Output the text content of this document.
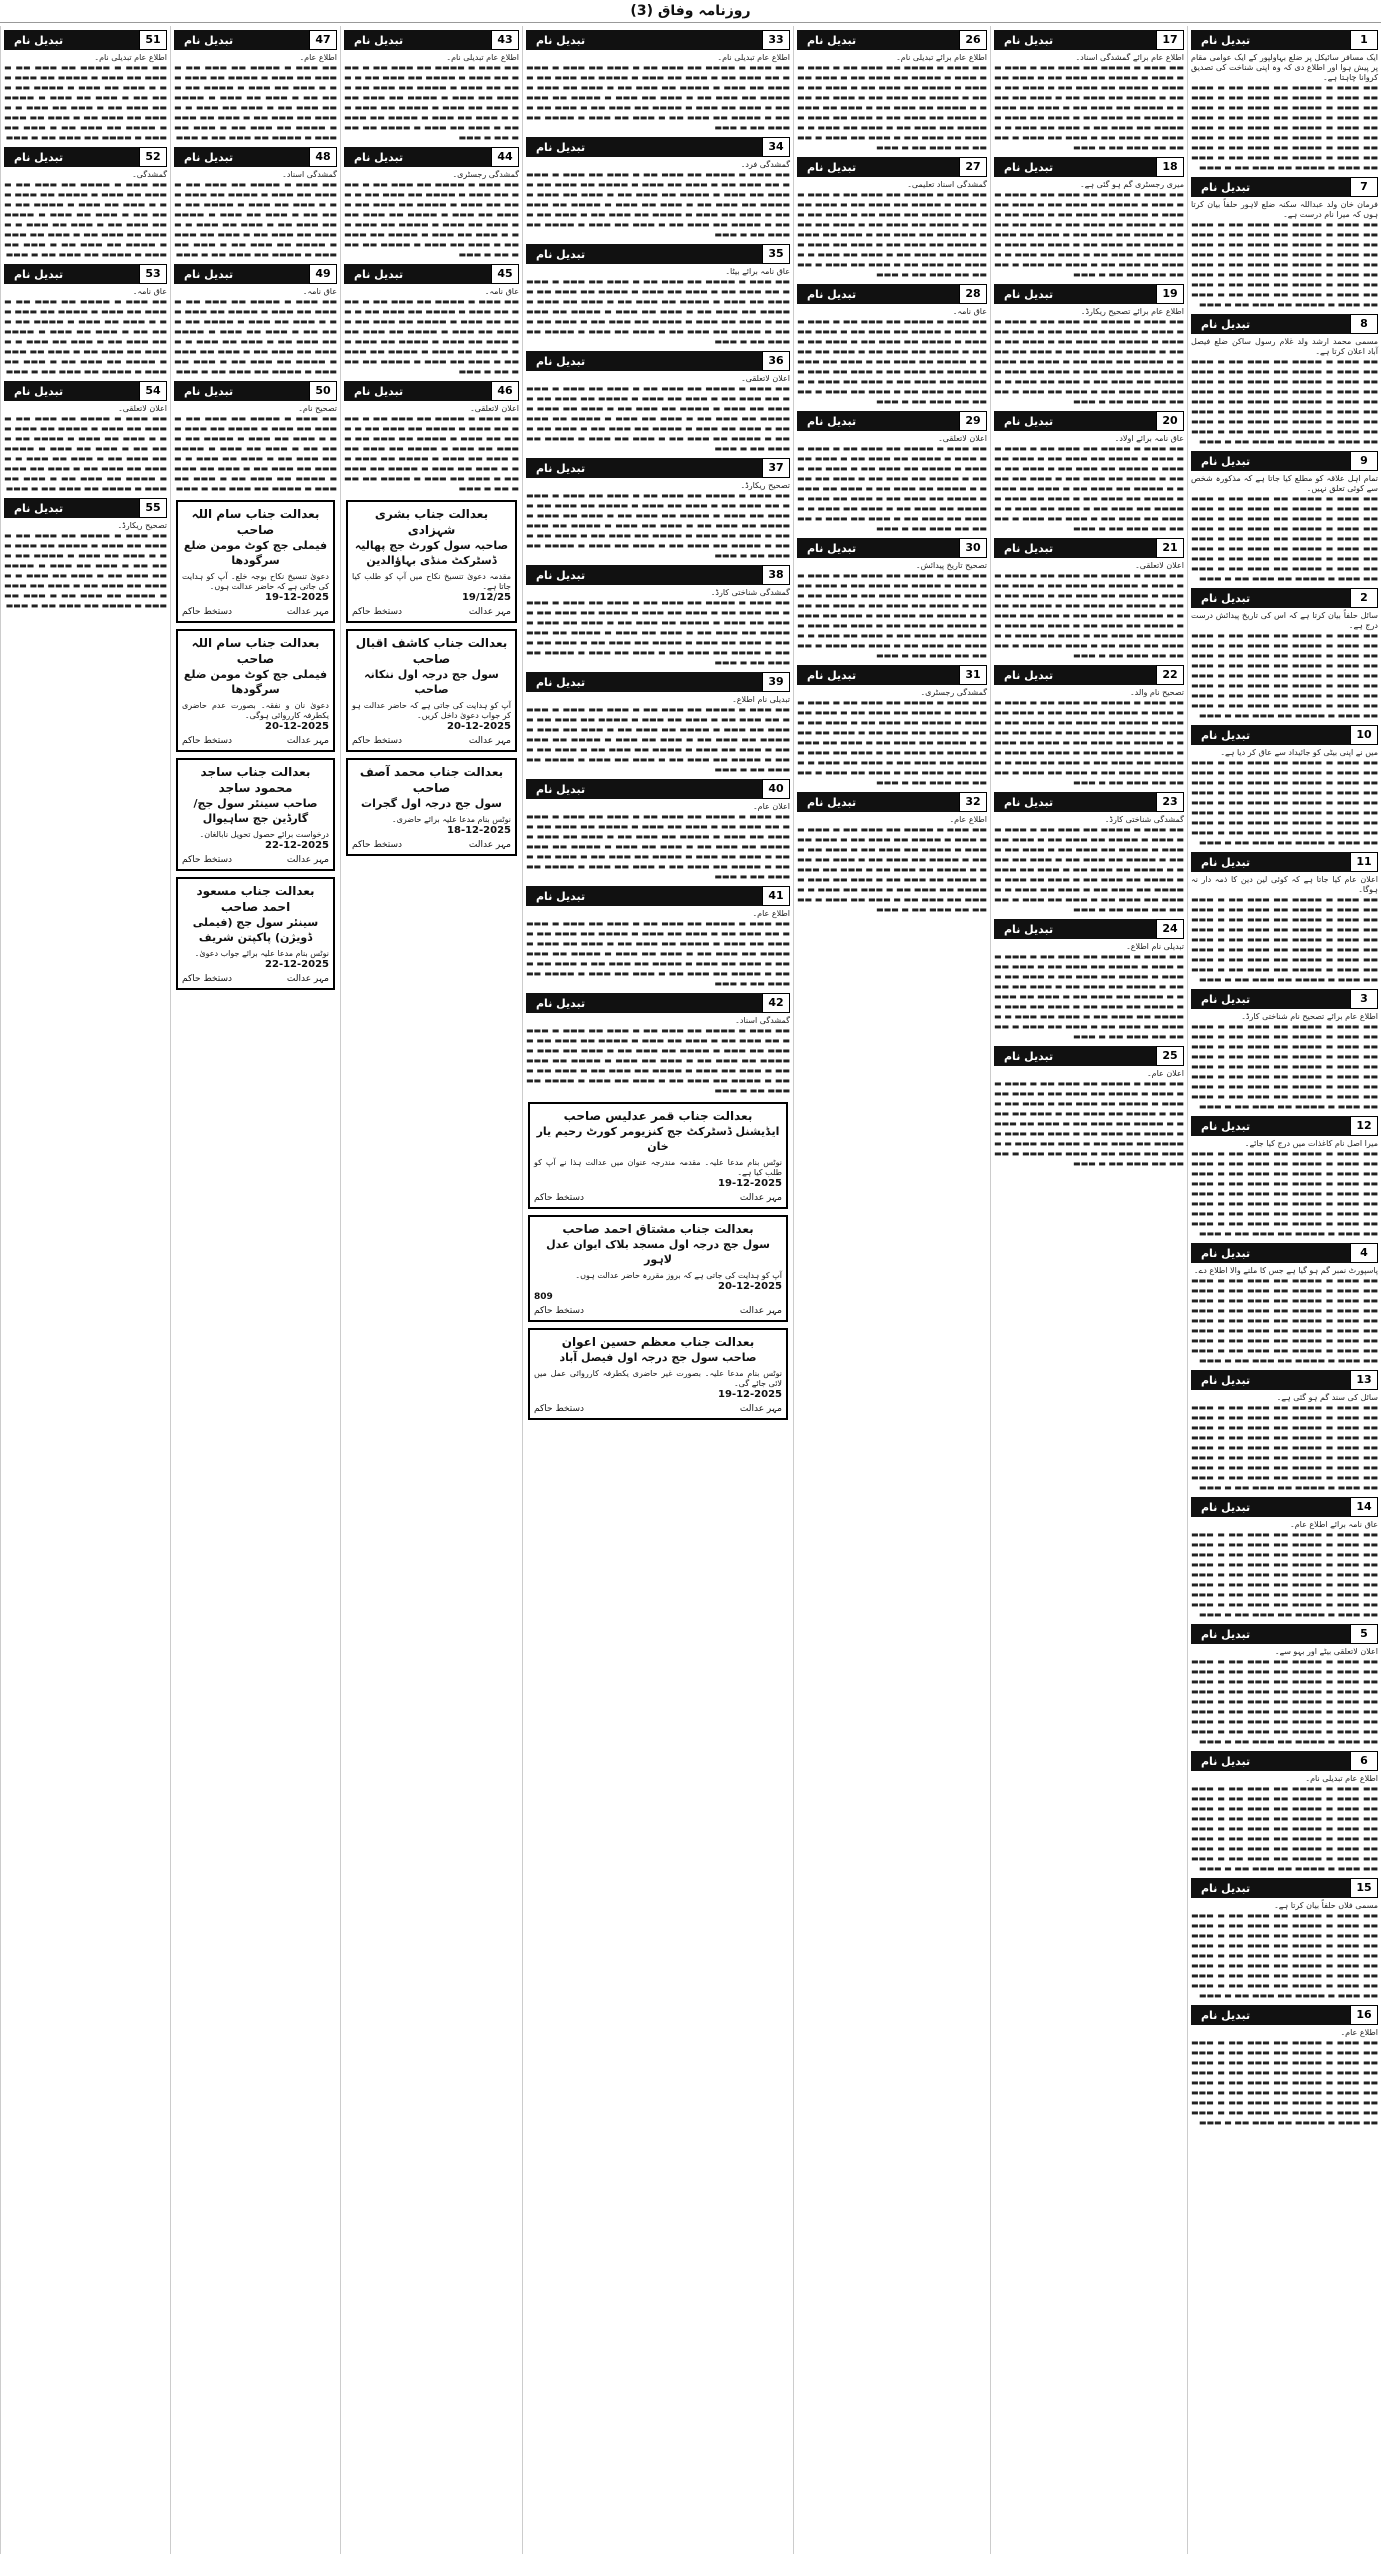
روزنامہ وفاق (3)
1
تبدیل نام
ایک مسافر سائیکل پر ضلع بہاولپور کے ایک عوامی مقام پر پیش ہوا اور اطلاع دی کہ وہ اپنی شناخت کی تصدیق کروانا چاہتا ہے۔
▬▬ ▬▬▬ ▬ ▬▬▬▬ ▬▬ ▬▬▬ ▬▬ ▬ ▬▬▬ ▬▬ ▬▬▬ ▬ ▬▬▬▬ ▬▬ ▬▬▬ ▬▬ ▬ ▬▬▬ ▬▬ ▬▬▬ ▬ ▬▬▬▬ ▬▬ ▬▬▬ ▬▬ ▬ ▬▬▬ ▬▬ ▬▬▬ ▬ ▬▬▬▬ ▬▬ ▬▬▬ ▬▬ ▬ ▬▬▬ ▬▬ ▬▬▬ ▬ ▬▬▬▬ ▬▬ ▬▬▬ ▬▬ ▬ ▬▬▬ ▬▬ ▬▬▬ ▬ ▬▬▬▬ ▬▬ ▬▬▬ ▬▬ ▬ ▬▬▬ ▬▬ ▬▬▬ ▬ ▬▬▬▬ ▬▬ ▬▬▬ ▬▬ ▬ ▬▬▬ ▬▬ ▬▬▬ ▬ ▬▬▬▬ ▬▬ ▬▬▬ ▬▬ ▬ ▬▬▬ ▬▬ ▬▬▬ ▬ ▬▬▬▬ ▬▬ ▬▬▬ ▬▬ ▬ ▬▬▬
7
تبدیل نام
فرمان خان ولد عبداللہ سکنہ ضلع لاہور حلفاً بیان کرتا ہوں کہ میرا نام درست ہے۔
▬▬ ▬▬▬ ▬ ▬▬▬▬ ▬▬ ▬▬▬ ▬▬ ▬ ▬▬▬ ▬▬ ▬▬▬ ▬ ▬▬▬▬ ▬▬ ▬▬▬ ▬▬ ▬ ▬▬▬ ▬▬ ▬▬▬ ▬ ▬▬▬▬ ▬▬ ▬▬▬ ▬▬ ▬ ▬▬▬ ▬▬ ▬▬▬ ▬ ▬▬▬▬ ▬▬ ▬▬▬ ▬▬ ▬ ▬▬▬ ▬▬ ▬▬▬ ▬ ▬▬▬▬ ▬▬ ▬▬▬ ▬▬ ▬ ▬▬▬ ▬▬ ▬▬▬ ▬ ▬▬▬▬ ▬▬ ▬▬▬ ▬▬ ▬ ▬▬▬ ▬▬ ▬▬▬ ▬ ▬▬▬▬ ▬▬ ▬▬▬ ▬▬ ▬ ▬▬▬ ▬▬ ▬▬▬ ▬ ▬▬▬▬ ▬▬ ▬▬▬ ▬▬ ▬ ▬▬▬ ▬▬ ▬▬▬ ▬ ▬▬▬▬ ▬▬ ▬▬▬ ▬▬ ▬ ▬▬▬
8
تبدیل نام
مسمی محمد ارشد ولد غلام رسول ساکن ضلع فیصل آباد اعلان کرتا ہے۔
▬▬ ▬▬▬ ▬ ▬▬▬▬ ▬▬ ▬▬▬ ▬▬ ▬ ▬▬▬ ▬▬ ▬▬▬ ▬ ▬▬▬▬ ▬▬ ▬▬▬ ▬▬ ▬ ▬▬▬ ▬▬ ▬▬▬ ▬ ▬▬▬▬ ▬▬ ▬▬▬ ▬▬ ▬ ▬▬▬ ▬▬ ▬▬▬ ▬ ▬▬▬▬ ▬▬ ▬▬▬ ▬▬ ▬ ▬▬▬ ▬▬ ▬▬▬ ▬ ▬▬▬▬ ▬▬ ▬▬▬ ▬▬ ▬ ▬▬▬ ▬▬ ▬▬▬ ▬ ▬▬▬▬ ▬▬ ▬▬▬ ▬▬ ▬ ▬▬▬ ▬▬ ▬▬▬ ▬ ▬▬▬▬ ▬▬ ▬▬▬ ▬▬ ▬ ▬▬▬ ▬▬ ▬▬▬ ▬ ▬▬▬▬ ▬▬ ▬▬▬ ▬▬ ▬ ▬▬▬ ▬▬ ▬▬▬ ▬ ▬▬▬▬ ▬▬ ▬▬▬ ▬▬ ▬ ▬▬▬
9
تبدیل نام
تمام اہل علاقہ کو مطلع کیا جاتا ہے کہ مذکورہ شخص سے کوئی تعلق نہیں۔
▬▬ ▬▬▬ ▬ ▬▬▬▬ ▬▬ ▬▬▬ ▬▬ ▬ ▬▬▬ ▬▬ ▬▬▬ ▬ ▬▬▬▬ ▬▬ ▬▬▬ ▬▬ ▬ ▬▬▬ ▬▬ ▬▬▬ ▬ ▬▬▬▬ ▬▬ ▬▬▬ ▬▬ ▬ ▬▬▬ ▬▬ ▬▬▬ ▬ ▬▬▬▬ ▬▬ ▬▬▬ ▬▬ ▬ ▬▬▬ ▬▬ ▬▬▬ ▬ ▬▬▬▬ ▬▬ ▬▬▬ ▬▬ ▬ ▬▬▬ ▬▬ ▬▬▬ ▬ ▬▬▬▬ ▬▬ ▬▬▬ ▬▬ ▬ ▬▬▬ ▬▬ ▬▬▬ ▬ ▬▬▬▬ ▬▬ ▬▬▬ ▬▬ ▬ ▬▬▬ ▬▬ ▬▬▬ ▬ ▬▬▬▬ ▬▬ ▬▬▬ ▬▬ ▬ ▬▬▬ ▬▬ ▬▬▬ ▬ ▬▬▬▬ ▬▬ ▬▬▬ ▬▬ ▬ ▬▬▬
2
تبدیل نام
سائل حلفاً بیان کرتا ہے کہ اس کی تاریخ پیدائش درست درج ہے۔
▬▬ ▬▬▬ ▬ ▬▬▬▬ ▬▬ ▬▬▬ ▬▬ ▬ ▬▬▬ ▬▬ ▬▬▬ ▬ ▬▬▬▬ ▬▬ ▬▬▬ ▬▬ ▬ ▬▬▬ ▬▬ ▬▬▬ ▬ ▬▬▬▬ ▬▬ ▬▬▬ ▬▬ ▬ ▬▬▬ ▬▬ ▬▬▬ ▬ ▬▬▬▬ ▬▬ ▬▬▬ ▬▬ ▬ ▬▬▬ ▬▬ ▬▬▬ ▬ ▬▬▬▬ ▬▬ ▬▬▬ ▬▬ ▬ ▬▬▬ ▬▬ ▬▬▬ ▬ ▬▬▬▬ ▬▬ ▬▬▬ ▬▬ ▬ ▬▬▬ ▬▬ ▬▬▬ ▬ ▬▬▬▬ ▬▬ ▬▬▬ ▬▬ ▬ ▬▬▬ ▬▬ ▬▬▬ ▬ ▬▬▬▬ ▬▬ ▬▬▬ ▬▬ ▬ ▬▬▬ ▬▬ ▬▬▬ ▬ ▬▬▬▬ ▬▬ ▬▬▬ ▬▬ ▬ ▬▬▬
10
تبدیل نام
میں نے اپنی بیٹی کو جائیداد سے عاق کر دیا ہے۔
▬▬ ▬▬▬ ▬ ▬▬▬▬ ▬▬ ▬▬▬ ▬▬ ▬ ▬▬▬ ▬▬ ▬▬▬ ▬ ▬▬▬▬ ▬▬ ▬▬▬ ▬▬ ▬ ▬▬▬ ▬▬ ▬▬▬ ▬ ▬▬▬▬ ▬▬ ▬▬▬ ▬▬ ▬ ▬▬▬ ▬▬ ▬▬▬ ▬ ▬▬▬▬ ▬▬ ▬▬▬ ▬▬ ▬ ▬▬▬ ▬▬ ▬▬▬ ▬ ▬▬▬▬ ▬▬ ▬▬▬ ▬▬ ▬ ▬▬▬ ▬▬ ▬▬▬ ▬ ▬▬▬▬ ▬▬ ▬▬▬ ▬▬ ▬ ▬▬▬ ▬▬ ▬▬▬ ▬ ▬▬▬▬ ▬▬ ▬▬▬ ▬▬ ▬ ▬▬▬ ▬▬ ▬▬▬ ▬ ▬▬▬▬ ▬▬ ▬▬▬ ▬▬ ▬ ▬▬▬ ▬▬ ▬▬▬ ▬ ▬▬▬▬ ▬▬ ▬▬▬ ▬▬ ▬ ▬▬▬
11
تبدیل نام
اعلان عام کیا جاتا ہے کہ کوئی لین دین کا ذمہ دار نہ ہوگا۔
▬▬ ▬▬▬ ▬ ▬▬▬▬ ▬▬ ▬▬▬ ▬▬ ▬ ▬▬▬ ▬▬ ▬▬▬ ▬ ▬▬▬▬ ▬▬ ▬▬▬ ▬▬ ▬ ▬▬▬ ▬▬ ▬▬▬ ▬ ▬▬▬▬ ▬▬ ▬▬▬ ▬▬ ▬ ▬▬▬ ▬▬ ▬▬▬ ▬ ▬▬▬▬ ▬▬ ▬▬▬ ▬▬ ▬ ▬▬▬ ▬▬ ▬▬▬ ▬ ▬▬▬▬ ▬▬ ▬▬▬ ▬▬ ▬ ▬▬▬ ▬▬ ▬▬▬ ▬ ▬▬▬▬ ▬▬ ▬▬▬ ▬▬ ▬ ▬▬▬ ▬▬ ▬▬▬ ▬ ▬▬▬▬ ▬▬ ▬▬▬ ▬▬ ▬ ▬▬▬ ▬▬ ▬▬▬ ▬ ▬▬▬▬ ▬▬ ▬▬▬ ▬▬ ▬ ▬▬▬ ▬▬ ▬▬▬ ▬ ▬▬▬▬ ▬▬ ▬▬▬ ▬▬ ▬ ▬▬▬
3
تبدیل نام
اطلاع عام برائے تصحیح نام شناختی کارڈ۔
▬▬ ▬▬▬ ▬ ▬▬▬▬ ▬▬ ▬▬▬ ▬▬ ▬ ▬▬▬ ▬▬ ▬▬▬ ▬ ▬▬▬▬ ▬▬ ▬▬▬ ▬▬ ▬ ▬▬▬ ▬▬ ▬▬▬ ▬ ▬▬▬▬ ▬▬ ▬▬▬ ▬▬ ▬ ▬▬▬ ▬▬ ▬▬▬ ▬ ▬▬▬▬ ▬▬ ▬▬▬ ▬▬ ▬ ▬▬▬ ▬▬ ▬▬▬ ▬ ▬▬▬▬ ▬▬ ▬▬▬ ▬▬ ▬ ▬▬▬ ▬▬ ▬▬▬ ▬ ▬▬▬▬ ▬▬ ▬▬▬ ▬▬ ▬ ▬▬▬ ▬▬ ▬▬▬ ▬ ▬▬▬▬ ▬▬ ▬▬▬ ▬▬ ▬ ▬▬▬ ▬▬ ▬▬▬ ▬ ▬▬▬▬ ▬▬ ▬▬▬ ▬▬ ▬ ▬▬▬ ▬▬ ▬▬▬ ▬ ▬▬▬▬ ▬▬ ▬▬▬ ▬▬ ▬ ▬▬▬
12
تبدیل نام
میرا اصل نام کاغذات میں درج کیا جائے۔
▬▬ ▬▬▬ ▬ ▬▬▬▬ ▬▬ ▬▬▬ ▬▬ ▬ ▬▬▬ ▬▬ ▬▬▬ ▬ ▬▬▬▬ ▬▬ ▬▬▬ ▬▬ ▬ ▬▬▬ ▬▬ ▬▬▬ ▬ ▬▬▬▬ ▬▬ ▬▬▬ ▬▬ ▬ ▬▬▬ ▬▬ ▬▬▬ ▬ ▬▬▬▬ ▬▬ ▬▬▬ ▬▬ ▬ ▬▬▬ ▬▬ ▬▬▬ ▬ ▬▬▬▬ ▬▬ ▬▬▬ ▬▬ ▬ ▬▬▬ ▬▬ ▬▬▬ ▬ ▬▬▬▬ ▬▬ ▬▬▬ ▬▬ ▬ ▬▬▬ ▬▬ ▬▬▬ ▬ ▬▬▬▬ ▬▬ ▬▬▬ ▬▬ ▬ ▬▬▬ ▬▬ ▬▬▬ ▬ ▬▬▬▬ ▬▬ ▬▬▬ ▬▬ ▬ ▬▬▬ ▬▬ ▬▬▬ ▬ ▬▬▬▬ ▬▬ ▬▬▬ ▬▬ ▬ ▬▬▬
4
تبدیل نام
پاسپورٹ نمبر گم ہو گیا ہے جس کا ملنے والا اطلاع دے۔
▬▬ ▬▬▬ ▬ ▬▬▬▬ ▬▬ ▬▬▬ ▬▬ ▬ ▬▬▬ ▬▬ ▬▬▬ ▬ ▬▬▬▬ ▬▬ ▬▬▬ ▬▬ ▬ ▬▬▬ ▬▬ ▬▬▬ ▬ ▬▬▬▬ ▬▬ ▬▬▬ ▬▬ ▬ ▬▬▬ ▬▬ ▬▬▬ ▬ ▬▬▬▬ ▬▬ ▬▬▬ ▬▬ ▬ ▬▬▬ ▬▬ ▬▬▬ ▬ ▬▬▬▬ ▬▬ ▬▬▬ ▬▬ ▬ ▬▬▬ ▬▬ ▬▬▬ ▬ ▬▬▬▬ ▬▬ ▬▬▬ ▬▬ ▬ ▬▬▬ ▬▬ ▬▬▬ ▬ ▬▬▬▬ ▬▬ ▬▬▬ ▬▬ ▬ ▬▬▬ ▬▬ ▬▬▬ ▬ ▬▬▬▬ ▬▬ ▬▬▬ ▬▬ ▬ ▬▬▬ ▬▬ ▬▬▬ ▬ ▬▬▬▬ ▬▬ ▬▬▬ ▬▬ ▬ ▬▬▬
13
تبدیل نام
سائل کی سند گم ہو گئی ہے۔
▬▬ ▬▬▬ ▬ ▬▬▬▬ ▬▬ ▬▬▬ ▬▬ ▬ ▬▬▬ ▬▬ ▬▬▬ ▬ ▬▬▬▬ ▬▬ ▬▬▬ ▬▬ ▬ ▬▬▬ ▬▬ ▬▬▬ ▬ ▬▬▬▬ ▬▬ ▬▬▬ ▬▬ ▬ ▬▬▬ ▬▬ ▬▬▬ ▬ ▬▬▬▬ ▬▬ ▬▬▬ ▬▬ ▬ ▬▬▬ ▬▬ ▬▬▬ ▬ ▬▬▬▬ ▬▬ ▬▬▬ ▬▬ ▬ ▬▬▬ ▬▬ ▬▬▬ ▬ ▬▬▬▬ ▬▬ ▬▬▬ ▬▬ ▬ ▬▬▬ ▬▬ ▬▬▬ ▬ ▬▬▬▬ ▬▬ ▬▬▬ ▬▬ ▬ ▬▬▬ ▬▬ ▬▬▬ ▬ ▬▬▬▬ ▬▬ ▬▬▬ ▬▬ ▬ ▬▬▬ ▬▬ ▬▬▬ ▬ ▬▬▬▬ ▬▬ ▬▬▬ ▬▬ ▬ ▬▬▬
14
تبدیل نام
عاق نامہ برائے اطلاع عام۔
▬▬ ▬▬▬ ▬ ▬▬▬▬ ▬▬ ▬▬▬ ▬▬ ▬ ▬▬▬ ▬▬ ▬▬▬ ▬ ▬▬▬▬ ▬▬ ▬▬▬ ▬▬ ▬ ▬▬▬ ▬▬ ▬▬▬ ▬ ▬▬▬▬ ▬▬ ▬▬▬ ▬▬ ▬ ▬▬▬ ▬▬ ▬▬▬ ▬ ▬▬▬▬ ▬▬ ▬▬▬ ▬▬ ▬ ▬▬▬ ▬▬ ▬▬▬ ▬ ▬▬▬▬ ▬▬ ▬▬▬ ▬▬ ▬ ▬▬▬ ▬▬ ▬▬▬ ▬ ▬▬▬▬ ▬▬ ▬▬▬ ▬▬ ▬ ▬▬▬ ▬▬ ▬▬▬ ▬ ▬▬▬▬ ▬▬ ▬▬▬ ▬▬ ▬ ▬▬▬ ▬▬ ▬▬▬ ▬ ▬▬▬▬ ▬▬ ▬▬▬ ▬▬ ▬ ▬▬▬ ▬▬ ▬▬▬ ▬ ▬▬▬▬ ▬▬ ▬▬▬ ▬▬ ▬ ▬▬▬
5
تبدیل نام
اعلان لاتعلقی بیٹے اور بہو سے۔
▬▬ ▬▬▬ ▬ ▬▬▬▬ ▬▬ ▬▬▬ ▬▬ ▬ ▬▬▬ ▬▬ ▬▬▬ ▬ ▬▬▬▬ ▬▬ ▬▬▬ ▬▬ ▬ ▬▬▬ ▬▬ ▬▬▬ ▬ ▬▬▬▬ ▬▬ ▬▬▬ ▬▬ ▬ ▬▬▬ ▬▬ ▬▬▬ ▬ ▬▬▬▬ ▬▬ ▬▬▬ ▬▬ ▬ ▬▬▬ ▬▬ ▬▬▬ ▬ ▬▬▬▬ ▬▬ ▬▬▬ ▬▬ ▬ ▬▬▬ ▬▬ ▬▬▬ ▬ ▬▬▬▬ ▬▬ ▬▬▬ ▬▬ ▬ ▬▬▬ ▬▬ ▬▬▬ ▬ ▬▬▬▬ ▬▬ ▬▬▬ ▬▬ ▬ ▬▬▬ ▬▬ ▬▬▬ ▬ ▬▬▬▬ ▬▬ ▬▬▬ ▬▬ ▬ ▬▬▬ ▬▬ ▬▬▬ ▬ ▬▬▬▬ ▬▬ ▬▬▬ ▬▬ ▬ ▬▬▬
6
تبدیل نام
اطلاع عام تبدیلی نام۔
▬▬ ▬▬▬ ▬ ▬▬▬▬ ▬▬ ▬▬▬ ▬▬ ▬ ▬▬▬ ▬▬ ▬▬▬ ▬ ▬▬▬▬ ▬▬ ▬▬▬ ▬▬ ▬ ▬▬▬ ▬▬ ▬▬▬ ▬ ▬▬▬▬ ▬▬ ▬▬▬ ▬▬ ▬ ▬▬▬ ▬▬ ▬▬▬ ▬ ▬▬▬▬ ▬▬ ▬▬▬ ▬▬ ▬ ▬▬▬ ▬▬ ▬▬▬ ▬ ▬▬▬▬ ▬▬ ▬▬▬ ▬▬ ▬ ▬▬▬ ▬▬ ▬▬▬ ▬ ▬▬▬▬ ▬▬ ▬▬▬ ▬▬ ▬ ▬▬▬ ▬▬ ▬▬▬ ▬ ▬▬▬▬ ▬▬ ▬▬▬ ▬▬ ▬ ▬▬▬ ▬▬ ▬▬▬ ▬ ▬▬▬▬ ▬▬ ▬▬▬ ▬▬ ▬ ▬▬▬ ▬▬ ▬▬▬ ▬ ▬▬▬▬ ▬▬ ▬▬▬ ▬▬ ▬ ▬▬▬
15
تبدیل نام
مسمی فلاں حلفاً بیان کرتا ہے۔
▬▬ ▬▬▬ ▬ ▬▬▬▬ ▬▬ ▬▬▬ ▬▬ ▬ ▬▬▬ ▬▬ ▬▬▬ ▬ ▬▬▬▬ ▬▬ ▬▬▬ ▬▬ ▬ ▬▬▬ ▬▬ ▬▬▬ ▬ ▬▬▬▬ ▬▬ ▬▬▬ ▬▬ ▬ ▬▬▬ ▬▬ ▬▬▬ ▬ ▬▬▬▬ ▬▬ ▬▬▬ ▬▬ ▬ ▬▬▬ ▬▬ ▬▬▬ ▬ ▬▬▬▬ ▬▬ ▬▬▬ ▬▬ ▬ ▬▬▬ ▬▬ ▬▬▬ ▬ ▬▬▬▬ ▬▬ ▬▬▬ ▬▬ ▬ ▬▬▬ ▬▬ ▬▬▬ ▬ ▬▬▬▬ ▬▬ ▬▬▬ ▬▬ ▬ ▬▬▬ ▬▬ ▬▬▬ ▬ ▬▬▬▬ ▬▬ ▬▬▬ ▬▬ ▬ ▬▬▬ ▬▬ ▬▬▬ ▬ ▬▬▬▬ ▬▬ ▬▬▬ ▬▬ ▬ ▬▬▬
16
تبدیل نام
اطلاع عام۔
▬▬ ▬▬▬ ▬ ▬▬▬▬ ▬▬ ▬▬▬ ▬▬ ▬ ▬▬▬ ▬▬ ▬▬▬ ▬ ▬▬▬▬ ▬▬ ▬▬▬ ▬▬ ▬ ▬▬▬ ▬▬ ▬▬▬ ▬ ▬▬▬▬ ▬▬ ▬▬▬ ▬▬ ▬ ▬▬▬ ▬▬ ▬▬▬ ▬ ▬▬▬▬ ▬▬ ▬▬▬ ▬▬ ▬ ▬▬▬ ▬▬ ▬▬▬ ▬ ▬▬▬▬ ▬▬ ▬▬▬ ▬▬ ▬ ▬▬▬ ▬▬ ▬▬▬ ▬ ▬▬▬▬ ▬▬ ▬▬▬ ▬▬ ▬ ▬▬▬ ▬▬ ▬▬▬ ▬ ▬▬▬▬ ▬▬ ▬▬▬ ▬▬ ▬ ▬▬▬ ▬▬ ▬▬▬ ▬ ▬▬▬▬ ▬▬ ▬▬▬ ▬▬ ▬ ▬▬▬ ▬▬ ▬▬▬ ▬ ▬▬▬▬ ▬▬ ▬▬▬ ▬▬ ▬ ▬▬▬
17
تبدیل نام
اطلاع عام برائے گمشدگی اسناد۔
▬▬ ▬▬▬ ▬ ▬▬▬▬ ▬▬ ▬▬▬ ▬▬ ▬ ▬▬▬ ▬▬ ▬▬▬ ▬ ▬▬▬▬ ▬▬ ▬▬▬ ▬▬ ▬ ▬▬▬ ▬▬ ▬▬▬ ▬ ▬▬▬▬ ▬▬ ▬▬▬ ▬▬ ▬ ▬▬▬ ▬▬ ▬▬▬ ▬ ▬▬▬▬ ▬▬ ▬▬▬ ▬▬ ▬ ▬▬▬ ▬▬ ▬▬▬ ▬ ▬▬▬▬ ▬▬ ▬▬▬ ▬▬ ▬ ▬▬▬ ▬▬ ▬▬▬ ▬ ▬▬▬▬ ▬▬ ▬▬▬ ▬▬ ▬ ▬▬▬ ▬▬ ▬▬▬ ▬ ▬▬▬▬ ▬▬ ▬▬▬ ▬▬ ▬ ▬▬▬ ▬▬ ▬▬▬ ▬ ▬▬▬▬ ▬▬ ▬▬▬ ▬▬ ▬ ▬▬▬ ▬▬ ▬▬▬ ▬ ▬▬▬▬ ▬▬ ▬▬▬ ▬▬ ▬ ▬▬▬
18
تبدیل نام
میری رجسٹری گم ہو گئی ہے۔
▬▬ ▬▬▬ ▬ ▬▬▬▬ ▬▬ ▬▬▬ ▬▬ ▬ ▬▬▬ ▬▬ ▬▬▬ ▬ ▬▬▬▬ ▬▬ ▬▬▬ ▬▬ ▬ ▬▬▬ ▬▬ ▬▬▬ ▬ ▬▬▬▬ ▬▬ ▬▬▬ ▬▬ ▬ ▬▬▬ ▬▬ ▬▬▬ ▬ ▬▬▬▬ ▬▬ ▬▬▬ ▬▬ ▬ ▬▬▬ ▬▬ ▬▬▬ ▬ ▬▬▬▬ ▬▬ ▬▬▬ ▬▬ ▬ ▬▬▬ ▬▬ ▬▬▬ ▬ ▬▬▬▬ ▬▬ ▬▬▬ ▬▬ ▬ ▬▬▬ ▬▬ ▬▬▬ ▬ ▬▬▬▬ ▬▬ ▬▬▬ ▬▬ ▬ ▬▬▬ ▬▬ ▬▬▬ ▬ ▬▬▬▬ ▬▬ ▬▬▬ ▬▬ ▬ ▬▬▬ ▬▬ ▬▬▬ ▬ ▬▬▬▬ ▬▬ ▬▬▬ ▬▬ ▬ ▬▬▬
19
تبدیل نام
اطلاع عام برائے تصحیح ریکارڈ۔
▬▬ ▬▬▬ ▬ ▬▬▬▬ ▬▬ ▬▬▬ ▬▬ ▬ ▬▬▬ ▬▬ ▬▬▬ ▬ ▬▬▬▬ ▬▬ ▬▬▬ ▬▬ ▬ ▬▬▬ ▬▬ ▬▬▬ ▬ ▬▬▬▬ ▬▬ ▬▬▬ ▬▬ ▬ ▬▬▬ ▬▬ ▬▬▬ ▬ ▬▬▬▬ ▬▬ ▬▬▬ ▬▬ ▬ ▬▬▬ ▬▬ ▬▬▬ ▬ ▬▬▬▬ ▬▬ ▬▬▬ ▬▬ ▬ ▬▬▬ ▬▬ ▬▬▬ ▬ ▬▬▬▬ ▬▬ ▬▬▬ ▬▬ ▬ ▬▬▬ ▬▬ ▬▬▬ ▬ ▬▬▬▬ ▬▬ ▬▬▬ ▬▬ ▬ ▬▬▬ ▬▬ ▬▬▬ ▬ ▬▬▬▬ ▬▬ ▬▬▬ ▬▬ ▬ ▬▬▬ ▬▬ ▬▬▬ ▬ ▬▬▬▬ ▬▬ ▬▬▬ ▬▬ ▬ ▬▬▬
20
تبدیل نام
عاق نامہ برائے اولاد۔
▬▬ ▬▬▬ ▬ ▬▬▬▬ ▬▬ ▬▬▬ ▬▬ ▬ ▬▬▬ ▬▬ ▬▬▬ ▬ ▬▬▬▬ ▬▬ ▬▬▬ ▬▬ ▬ ▬▬▬ ▬▬ ▬▬▬ ▬ ▬▬▬▬ ▬▬ ▬▬▬ ▬▬ ▬ ▬▬▬ ▬▬ ▬▬▬ ▬ ▬▬▬▬ ▬▬ ▬▬▬ ▬▬ ▬ ▬▬▬ ▬▬ ▬▬▬ ▬ ▬▬▬▬ ▬▬ ▬▬▬ ▬▬ ▬ ▬▬▬ ▬▬ ▬▬▬ ▬ ▬▬▬▬ ▬▬ ▬▬▬ ▬▬ ▬ ▬▬▬ ▬▬ ▬▬▬ ▬ ▬▬▬▬ ▬▬ ▬▬▬ ▬▬ ▬ ▬▬▬ ▬▬ ▬▬▬ ▬ ▬▬▬▬ ▬▬ ▬▬▬ ▬▬ ▬ ▬▬▬ ▬▬ ▬▬▬ ▬ ▬▬▬▬ ▬▬ ▬▬▬ ▬▬ ▬ ▬▬▬
21
تبدیل نام
اعلان لاتعلقی۔
▬▬ ▬▬▬ ▬ ▬▬▬▬ ▬▬ ▬▬▬ ▬▬ ▬ ▬▬▬ ▬▬ ▬▬▬ ▬ ▬▬▬▬ ▬▬ ▬▬▬ ▬▬ ▬ ▬▬▬ ▬▬ ▬▬▬ ▬ ▬▬▬▬ ▬▬ ▬▬▬ ▬▬ ▬ ▬▬▬ ▬▬ ▬▬▬ ▬ ▬▬▬▬ ▬▬ ▬▬▬ ▬▬ ▬ ▬▬▬ ▬▬ ▬▬▬ ▬ ▬▬▬▬ ▬▬ ▬▬▬ ▬▬ ▬ ▬▬▬ ▬▬ ▬▬▬ ▬ ▬▬▬▬ ▬▬ ▬▬▬ ▬▬ ▬ ▬▬▬ ▬▬ ▬▬▬ ▬ ▬▬▬▬ ▬▬ ▬▬▬ ▬▬ ▬ ▬▬▬ ▬▬ ▬▬▬ ▬ ▬▬▬▬ ▬▬ ▬▬▬ ▬▬ ▬ ▬▬▬ ▬▬ ▬▬▬ ▬ ▬▬▬▬ ▬▬ ▬▬▬ ▬▬ ▬ ▬▬▬
22
تبدیل نام
تصحیح نام والد۔
▬▬ ▬▬▬ ▬ ▬▬▬▬ ▬▬ ▬▬▬ ▬▬ ▬ ▬▬▬ ▬▬ ▬▬▬ ▬ ▬▬▬▬ ▬▬ ▬▬▬ ▬▬ ▬ ▬▬▬ ▬▬ ▬▬▬ ▬ ▬▬▬▬ ▬▬ ▬▬▬ ▬▬ ▬ ▬▬▬ ▬▬ ▬▬▬ ▬ ▬▬▬▬ ▬▬ ▬▬▬ ▬▬ ▬ ▬▬▬ ▬▬ ▬▬▬ ▬ ▬▬▬▬ ▬▬ ▬▬▬ ▬▬ ▬ ▬▬▬ ▬▬ ▬▬▬ ▬ ▬▬▬▬ ▬▬ ▬▬▬ ▬▬ ▬ ▬▬▬ ▬▬ ▬▬▬ ▬ ▬▬▬▬ ▬▬ ▬▬▬ ▬▬ ▬ ▬▬▬ ▬▬ ▬▬▬ ▬ ▬▬▬▬ ▬▬ ▬▬▬ ▬▬ ▬ ▬▬▬ ▬▬ ▬▬▬ ▬ ▬▬▬▬ ▬▬ ▬▬▬ ▬▬ ▬ ▬▬▬
23
تبدیل نام
گمشدگی شناختی کارڈ۔
▬▬ ▬▬▬ ▬ ▬▬▬▬ ▬▬ ▬▬▬ ▬▬ ▬ ▬▬▬ ▬▬ ▬▬▬ ▬ ▬▬▬▬ ▬▬ ▬▬▬ ▬▬ ▬ ▬▬▬ ▬▬ ▬▬▬ ▬ ▬▬▬▬ ▬▬ ▬▬▬ ▬▬ ▬ ▬▬▬ ▬▬ ▬▬▬ ▬ ▬▬▬▬ ▬▬ ▬▬▬ ▬▬ ▬ ▬▬▬ ▬▬ ▬▬▬ ▬ ▬▬▬▬ ▬▬ ▬▬▬ ▬▬ ▬ ▬▬▬ ▬▬ ▬▬▬ ▬ ▬▬▬▬ ▬▬ ▬▬▬ ▬▬ ▬ ▬▬▬ ▬▬ ▬▬▬ ▬ ▬▬▬▬ ▬▬ ▬▬▬ ▬▬ ▬ ▬▬▬ ▬▬ ▬▬▬ ▬ ▬▬▬▬ ▬▬ ▬▬▬ ▬▬ ▬ ▬▬▬ ▬▬ ▬▬▬ ▬ ▬▬▬▬ ▬▬ ▬▬▬ ▬▬ ▬ ▬▬▬
24
تبدیل نام
تبدیلی نام اطلاع۔
▬▬ ▬▬▬ ▬ ▬▬▬▬ ▬▬ ▬▬▬ ▬▬ ▬ ▬▬▬ ▬▬ ▬▬▬ ▬ ▬▬▬▬ ▬▬ ▬▬▬ ▬▬ ▬ ▬▬▬ ▬▬ ▬▬▬ ▬ ▬▬▬▬ ▬▬ ▬▬▬ ▬▬ ▬ ▬▬▬ ▬▬ ▬▬▬ ▬ ▬▬▬▬ ▬▬ ▬▬▬ ▬▬ ▬ ▬▬▬ ▬▬ ▬▬▬ ▬ ▬▬▬▬ ▬▬ ▬▬▬ ▬▬ ▬ ▬▬▬ ▬▬ ▬▬▬ ▬ ▬▬▬▬ ▬▬ ▬▬▬ ▬▬ ▬ ▬▬▬ ▬▬ ▬▬▬ ▬ ▬▬▬▬ ▬▬ ▬▬▬ ▬▬ ▬ ▬▬▬ ▬▬ ▬▬▬ ▬ ▬▬▬▬ ▬▬ ▬▬▬ ▬▬ ▬ ▬▬▬ ▬▬ ▬▬▬ ▬ ▬▬▬▬ ▬▬ ▬▬▬ ▬▬ ▬ ▬▬▬
25
تبدیل نام
اعلان عام۔
▬▬ ▬▬▬ ▬ ▬▬▬▬ ▬▬ ▬▬▬ ▬▬ ▬ ▬▬▬ ▬▬ ▬▬▬ ▬ ▬▬▬▬ ▬▬ ▬▬▬ ▬▬ ▬ ▬▬▬ ▬▬ ▬▬▬ ▬ ▬▬▬▬ ▬▬ ▬▬▬ ▬▬ ▬ ▬▬▬ ▬▬ ▬▬▬ ▬ ▬▬▬▬ ▬▬ ▬▬▬ ▬▬ ▬ ▬▬▬ ▬▬ ▬▬▬ ▬ ▬▬▬▬ ▬▬ ▬▬▬ ▬▬ ▬ ▬▬▬ ▬▬ ▬▬▬ ▬ ▬▬▬▬ ▬▬ ▬▬▬ ▬▬ ▬ ▬▬▬ ▬▬ ▬▬▬ ▬ ▬▬▬▬ ▬▬ ▬▬▬ ▬▬ ▬ ▬▬▬ ▬▬ ▬▬▬ ▬ ▬▬▬▬ ▬▬ ▬▬▬ ▬▬ ▬ ▬▬▬ ▬▬ ▬▬▬ ▬ ▬▬▬▬ ▬▬ ▬▬▬ ▬▬ ▬ ▬▬▬
26
تبدیل نام
اطلاع عام برائے تبدیلی نام۔
▬▬ ▬▬▬ ▬ ▬▬▬▬ ▬▬ ▬▬▬ ▬▬ ▬ ▬▬▬ ▬▬ ▬▬▬ ▬ ▬▬▬▬ ▬▬ ▬▬▬ ▬▬ ▬ ▬▬▬ ▬▬ ▬▬▬ ▬ ▬▬▬▬ ▬▬ ▬▬▬ ▬▬ ▬ ▬▬▬ ▬▬ ▬▬▬ ▬ ▬▬▬▬ ▬▬ ▬▬▬ ▬▬ ▬ ▬▬▬ ▬▬ ▬▬▬ ▬ ▬▬▬▬ ▬▬ ▬▬▬ ▬▬ ▬ ▬▬▬ ▬▬ ▬▬▬ ▬ ▬▬▬▬ ▬▬ ▬▬▬ ▬▬ ▬ ▬▬▬ ▬▬ ▬▬▬ ▬ ▬▬▬▬ ▬▬ ▬▬▬ ▬▬ ▬ ▬▬▬ ▬▬ ▬▬▬ ▬ ▬▬▬▬ ▬▬ ▬▬▬ ▬▬ ▬ ▬▬▬ ▬▬ ▬▬▬ ▬ ▬▬▬▬ ▬▬ ▬▬▬ ▬▬ ▬ ▬▬▬
27
تبدیل نام
گمشدگی اسناد تعلیمی۔
▬▬ ▬▬▬ ▬ ▬▬▬▬ ▬▬ ▬▬▬ ▬▬ ▬ ▬▬▬ ▬▬ ▬▬▬ ▬ ▬▬▬▬ ▬▬ ▬▬▬ ▬▬ ▬ ▬▬▬ ▬▬ ▬▬▬ ▬ ▬▬▬▬ ▬▬ ▬▬▬ ▬▬ ▬ ▬▬▬ ▬▬ ▬▬▬ ▬ ▬▬▬▬ ▬▬ ▬▬▬ ▬▬ ▬ ▬▬▬ ▬▬ ▬▬▬ ▬ ▬▬▬▬ ▬▬ ▬▬▬ ▬▬ ▬ ▬▬▬ ▬▬ ▬▬▬ ▬ ▬▬▬▬ ▬▬ ▬▬▬ ▬▬ ▬ ▬▬▬ ▬▬ ▬▬▬ ▬ ▬▬▬▬ ▬▬ ▬▬▬ ▬▬ ▬ ▬▬▬ ▬▬ ▬▬▬ ▬ ▬▬▬▬ ▬▬ ▬▬▬ ▬▬ ▬ ▬▬▬ ▬▬ ▬▬▬ ▬ ▬▬▬▬ ▬▬ ▬▬▬ ▬▬ ▬ ▬▬▬
28
تبدیل نام
عاق نامہ۔
▬▬ ▬▬▬ ▬ ▬▬▬▬ ▬▬ ▬▬▬ ▬▬ ▬ ▬▬▬ ▬▬ ▬▬▬ ▬ ▬▬▬▬ ▬▬ ▬▬▬ ▬▬ ▬ ▬▬▬ ▬▬ ▬▬▬ ▬ ▬▬▬▬ ▬▬ ▬▬▬ ▬▬ ▬ ▬▬▬ ▬▬ ▬▬▬ ▬ ▬▬▬▬ ▬▬ ▬▬▬ ▬▬ ▬ ▬▬▬ ▬▬ ▬▬▬ ▬ ▬▬▬▬ ▬▬ ▬▬▬ ▬▬ ▬ ▬▬▬ ▬▬ ▬▬▬ ▬ ▬▬▬▬ ▬▬ ▬▬▬ ▬▬ ▬ ▬▬▬ ▬▬ ▬▬▬ ▬ ▬▬▬▬ ▬▬ ▬▬▬ ▬▬ ▬ ▬▬▬ ▬▬ ▬▬▬ ▬ ▬▬▬▬ ▬▬ ▬▬▬ ▬▬ ▬ ▬▬▬ ▬▬ ▬▬▬ ▬ ▬▬▬▬ ▬▬ ▬▬▬ ▬▬ ▬ ▬▬▬
29
تبدیل نام
اعلان لاتعلقی۔
▬▬ ▬▬▬ ▬ ▬▬▬▬ ▬▬ ▬▬▬ ▬▬ ▬ ▬▬▬ ▬▬ ▬▬▬ ▬ ▬▬▬▬ ▬▬ ▬▬▬ ▬▬ ▬ ▬▬▬ ▬▬ ▬▬▬ ▬ ▬▬▬▬ ▬▬ ▬▬▬ ▬▬ ▬ ▬▬▬ ▬▬ ▬▬▬ ▬ ▬▬▬▬ ▬▬ ▬▬▬ ▬▬ ▬ ▬▬▬ ▬▬ ▬▬▬ ▬ ▬▬▬▬ ▬▬ ▬▬▬ ▬▬ ▬ ▬▬▬ ▬▬ ▬▬▬ ▬ ▬▬▬▬ ▬▬ ▬▬▬ ▬▬ ▬ ▬▬▬ ▬▬ ▬▬▬ ▬ ▬▬▬▬ ▬▬ ▬▬▬ ▬▬ ▬ ▬▬▬ ▬▬ ▬▬▬ ▬ ▬▬▬▬ ▬▬ ▬▬▬ ▬▬ ▬ ▬▬▬ ▬▬ ▬▬▬ ▬ ▬▬▬▬ ▬▬ ▬▬▬ ▬▬ ▬ ▬▬▬
30
تبدیل نام
تصحیح تاریخ پیدائش۔
▬▬ ▬▬▬ ▬ ▬▬▬▬ ▬▬ ▬▬▬ ▬▬ ▬ ▬▬▬ ▬▬ ▬▬▬ ▬ ▬▬▬▬ ▬▬ ▬▬▬ ▬▬ ▬ ▬▬▬ ▬▬ ▬▬▬ ▬ ▬▬▬▬ ▬▬ ▬▬▬ ▬▬ ▬ ▬▬▬ ▬▬ ▬▬▬ ▬ ▬▬▬▬ ▬▬ ▬▬▬ ▬▬ ▬ ▬▬▬ ▬▬ ▬▬▬ ▬ ▬▬▬▬ ▬▬ ▬▬▬ ▬▬ ▬ ▬▬▬ ▬▬ ▬▬▬ ▬ ▬▬▬▬ ▬▬ ▬▬▬ ▬▬ ▬ ▬▬▬ ▬▬ ▬▬▬ ▬ ▬▬▬▬ ▬▬ ▬▬▬ ▬▬ ▬ ▬▬▬ ▬▬ ▬▬▬ ▬ ▬▬▬▬ ▬▬ ▬▬▬ ▬▬ ▬ ▬▬▬ ▬▬ ▬▬▬ ▬ ▬▬▬▬ ▬▬ ▬▬▬ ▬▬ ▬ ▬▬▬
31
تبدیل نام
گمشدگی رجسٹری۔
▬▬ ▬▬▬ ▬ ▬▬▬▬ ▬▬ ▬▬▬ ▬▬ ▬ ▬▬▬ ▬▬ ▬▬▬ ▬ ▬▬▬▬ ▬▬ ▬▬▬ ▬▬ ▬ ▬▬▬ ▬▬ ▬▬▬ ▬ ▬▬▬▬ ▬▬ ▬▬▬ ▬▬ ▬ ▬▬▬ ▬▬ ▬▬▬ ▬ ▬▬▬▬ ▬▬ ▬▬▬ ▬▬ ▬ ▬▬▬ ▬▬ ▬▬▬ ▬ ▬▬▬▬ ▬▬ ▬▬▬ ▬▬ ▬ ▬▬▬ ▬▬ ▬▬▬ ▬ ▬▬▬▬ ▬▬ ▬▬▬ ▬▬ ▬ ▬▬▬ ▬▬ ▬▬▬ ▬ ▬▬▬▬ ▬▬ ▬▬▬ ▬▬ ▬ ▬▬▬ ▬▬ ▬▬▬ ▬ ▬▬▬▬ ▬▬ ▬▬▬ ▬▬ ▬ ▬▬▬ ▬▬ ▬▬▬ ▬ ▬▬▬▬ ▬▬ ▬▬▬ ▬▬ ▬ ▬▬▬
32
تبدیل نام
اطلاع عام۔
▬▬ ▬▬▬ ▬ ▬▬▬▬ ▬▬ ▬▬▬ ▬▬ ▬ ▬▬▬ ▬▬ ▬▬▬ ▬ ▬▬▬▬ ▬▬ ▬▬▬ ▬▬ ▬ ▬▬▬ ▬▬ ▬▬▬ ▬ ▬▬▬▬ ▬▬ ▬▬▬ ▬▬ ▬ ▬▬▬ ▬▬ ▬▬▬ ▬ ▬▬▬▬ ▬▬ ▬▬▬ ▬▬ ▬ ▬▬▬ ▬▬ ▬▬▬ ▬ ▬▬▬▬ ▬▬ ▬▬▬ ▬▬ ▬ ▬▬▬ ▬▬ ▬▬▬ ▬ ▬▬▬▬ ▬▬ ▬▬▬ ▬▬ ▬ ▬▬▬ ▬▬ ▬▬▬ ▬ ▬▬▬▬ ▬▬ ▬▬▬ ▬▬ ▬ ▬▬▬ ▬▬ ▬▬▬ ▬ ▬▬▬▬ ▬▬ ▬▬▬ ▬▬ ▬ ▬▬▬ ▬▬ ▬▬▬ ▬ ▬▬▬▬ ▬▬ ▬▬▬ ▬▬ ▬ ▬▬▬
33
تبدیل نام
اطلاع عام تبدیلی نام۔
▬▬ ▬▬▬ ▬ ▬▬▬▬ ▬▬ ▬▬▬ ▬▬ ▬ ▬▬▬ ▬▬ ▬▬▬ ▬ ▬▬▬▬ ▬▬ ▬▬▬ ▬▬ ▬ ▬▬▬ ▬▬ ▬▬▬ ▬ ▬▬▬▬ ▬▬ ▬▬▬ ▬▬ ▬ ▬▬▬ ▬▬ ▬▬▬ ▬ ▬▬▬▬ ▬▬ ▬▬▬ ▬▬ ▬ ▬▬▬ ▬▬ ▬▬▬ ▬ ▬▬▬▬ ▬▬ ▬▬▬ ▬▬ ▬ ▬▬▬ ▬▬ ▬▬▬ ▬ ▬▬▬▬ ▬▬ ▬▬▬ ▬▬ ▬ ▬▬▬ ▬▬ ▬▬▬ ▬ ▬▬▬▬ ▬▬ ▬▬▬ ▬▬ ▬ ▬▬▬ ▬▬ ▬▬▬ ▬ ▬▬▬▬ ▬▬ ▬▬▬ ▬▬ ▬ ▬▬▬ ▬▬ ▬▬▬ ▬ ▬▬▬▬ ▬▬ ▬▬▬ ▬▬ ▬ ▬▬▬
34
تبدیل نام
گمشدگی فرد۔
▬▬ ▬▬▬ ▬ ▬▬▬▬ ▬▬ ▬▬▬ ▬▬ ▬ ▬▬▬ ▬▬ ▬▬▬ ▬ ▬▬▬▬ ▬▬ ▬▬▬ ▬▬ ▬ ▬▬▬ ▬▬ ▬▬▬ ▬ ▬▬▬▬ ▬▬ ▬▬▬ ▬▬ ▬ ▬▬▬ ▬▬ ▬▬▬ ▬ ▬▬▬▬ ▬▬ ▬▬▬ ▬▬ ▬ ▬▬▬ ▬▬ ▬▬▬ ▬ ▬▬▬▬ ▬▬ ▬▬▬ ▬▬ ▬ ▬▬▬ ▬▬ ▬▬▬ ▬ ▬▬▬▬ ▬▬ ▬▬▬ ▬▬ ▬ ▬▬▬ ▬▬ ▬▬▬ ▬ ▬▬▬▬ ▬▬ ▬▬▬ ▬▬ ▬ ▬▬▬ ▬▬ ▬▬▬ ▬ ▬▬▬▬ ▬▬ ▬▬▬ ▬▬ ▬ ▬▬▬ ▬▬ ▬▬▬ ▬ ▬▬▬▬ ▬▬ ▬▬▬ ▬▬ ▬ ▬▬▬
35
تبدیل نام
عاق نامہ برائے بیٹا۔
▬▬ ▬▬▬ ▬ ▬▬▬▬ ▬▬ ▬▬▬ ▬▬ ▬ ▬▬▬ ▬▬ ▬▬▬ ▬ ▬▬▬▬ ▬▬ ▬▬▬ ▬▬ ▬ ▬▬▬ ▬▬ ▬▬▬ ▬ ▬▬▬▬ ▬▬ ▬▬▬ ▬▬ ▬ ▬▬▬ ▬▬ ▬▬▬ ▬ ▬▬▬▬ ▬▬ ▬▬▬ ▬▬ ▬ ▬▬▬ ▬▬ ▬▬▬ ▬ ▬▬▬▬ ▬▬ ▬▬▬ ▬▬ ▬ ▬▬▬ ▬▬ ▬▬▬ ▬ ▬▬▬▬ ▬▬ ▬▬▬ ▬▬ ▬ ▬▬▬ ▬▬ ▬▬▬ ▬ ▬▬▬▬ ▬▬ ▬▬▬ ▬▬ ▬ ▬▬▬ ▬▬ ▬▬▬ ▬ ▬▬▬▬ ▬▬ ▬▬▬ ▬▬ ▬ ▬▬▬ ▬▬ ▬▬▬ ▬ ▬▬▬▬ ▬▬ ▬▬▬ ▬▬ ▬ ▬▬▬
36
تبدیل نام
اعلان لاتعلقی۔
▬▬ ▬▬▬ ▬ ▬▬▬▬ ▬▬ ▬▬▬ ▬▬ ▬ ▬▬▬ ▬▬ ▬▬▬ ▬ ▬▬▬▬ ▬▬ ▬▬▬ ▬▬ ▬ ▬▬▬ ▬▬ ▬▬▬ ▬ ▬▬▬▬ ▬▬ ▬▬▬ ▬▬ ▬ ▬▬▬ ▬▬ ▬▬▬ ▬ ▬▬▬▬ ▬▬ ▬▬▬ ▬▬ ▬ ▬▬▬ ▬▬ ▬▬▬ ▬ ▬▬▬▬ ▬▬ ▬▬▬ ▬▬ ▬ ▬▬▬ ▬▬ ▬▬▬ ▬ ▬▬▬▬ ▬▬ ▬▬▬ ▬▬ ▬ ▬▬▬ ▬▬ ▬▬▬ ▬ ▬▬▬▬ ▬▬ ▬▬▬ ▬▬ ▬ ▬▬▬ ▬▬ ▬▬▬ ▬ ▬▬▬▬ ▬▬ ▬▬▬ ▬▬ ▬ ▬▬▬ ▬▬ ▬▬▬ ▬ ▬▬▬▬ ▬▬ ▬▬▬ ▬▬ ▬ ▬▬▬
37
تبدیل نام
تصحیح ریکارڈ۔
▬▬ ▬▬▬ ▬ ▬▬▬▬ ▬▬ ▬▬▬ ▬▬ ▬ ▬▬▬ ▬▬ ▬▬▬ ▬ ▬▬▬▬ ▬▬ ▬▬▬ ▬▬ ▬ ▬▬▬ ▬▬ ▬▬▬ ▬ ▬▬▬▬ ▬▬ ▬▬▬ ▬▬ ▬ ▬▬▬ ▬▬ ▬▬▬ ▬ ▬▬▬▬ ▬▬ ▬▬▬ ▬▬ ▬ ▬▬▬ ▬▬ ▬▬▬ ▬ ▬▬▬▬ ▬▬ ▬▬▬ ▬▬ ▬ ▬▬▬ ▬▬ ▬▬▬ ▬ ▬▬▬▬ ▬▬ ▬▬▬ ▬▬ ▬ ▬▬▬ ▬▬ ▬▬▬ ▬ ▬▬▬▬ ▬▬ ▬▬▬ ▬▬ ▬ ▬▬▬ ▬▬ ▬▬▬ ▬ ▬▬▬▬ ▬▬ ▬▬▬ ▬▬ ▬ ▬▬▬ ▬▬ ▬▬▬ ▬ ▬▬▬▬ ▬▬ ▬▬▬ ▬▬ ▬ ▬▬▬
38
تبدیل نام
گمشدگی شناختی کارڈ۔
▬▬ ▬▬▬ ▬ ▬▬▬▬ ▬▬ ▬▬▬ ▬▬ ▬ ▬▬▬ ▬▬ ▬▬▬ ▬ ▬▬▬▬ ▬▬ ▬▬▬ ▬▬ ▬ ▬▬▬ ▬▬ ▬▬▬ ▬ ▬▬▬▬ ▬▬ ▬▬▬ ▬▬ ▬ ▬▬▬ ▬▬ ▬▬▬ ▬ ▬▬▬▬ ▬▬ ▬▬▬ ▬▬ ▬ ▬▬▬ ▬▬ ▬▬▬ ▬ ▬▬▬▬ ▬▬ ▬▬▬ ▬▬ ▬ ▬▬▬ ▬▬ ▬▬▬ ▬ ▬▬▬▬ ▬▬ ▬▬▬ ▬▬ ▬ ▬▬▬ ▬▬ ▬▬▬ ▬ ▬▬▬▬ ▬▬ ▬▬▬ ▬▬ ▬ ▬▬▬ ▬▬ ▬▬▬ ▬ ▬▬▬▬ ▬▬ ▬▬▬ ▬▬ ▬ ▬▬▬ ▬▬ ▬▬▬ ▬ ▬▬▬▬ ▬▬ ▬▬▬ ▬▬ ▬ ▬▬▬
39
تبدیل نام
تبدیلی نام اطلاع۔
▬▬ ▬▬▬ ▬ ▬▬▬▬ ▬▬ ▬▬▬ ▬▬ ▬ ▬▬▬ ▬▬ ▬▬▬ ▬ ▬▬▬▬ ▬▬ ▬▬▬ ▬▬ ▬ ▬▬▬ ▬▬ ▬▬▬ ▬ ▬▬▬▬ ▬▬ ▬▬▬ ▬▬ ▬ ▬▬▬ ▬▬ ▬▬▬ ▬ ▬▬▬▬ ▬▬ ▬▬▬ ▬▬ ▬ ▬▬▬ ▬▬ ▬▬▬ ▬ ▬▬▬▬ ▬▬ ▬▬▬ ▬▬ ▬ ▬▬▬ ▬▬ ▬▬▬ ▬ ▬▬▬▬ ▬▬ ▬▬▬ ▬▬ ▬ ▬▬▬ ▬▬ ▬▬▬ ▬ ▬▬▬▬ ▬▬ ▬▬▬ ▬▬ ▬ ▬▬▬ ▬▬ ▬▬▬ ▬ ▬▬▬▬ ▬▬ ▬▬▬ ▬▬ ▬ ▬▬▬ ▬▬ ▬▬▬ ▬ ▬▬▬▬ ▬▬ ▬▬▬ ▬▬ ▬ ▬▬▬
40
تبدیل نام
اعلان عام۔
▬▬ ▬▬▬ ▬ ▬▬▬▬ ▬▬ ▬▬▬ ▬▬ ▬ ▬▬▬ ▬▬ ▬▬▬ ▬ ▬▬▬▬ ▬▬ ▬▬▬ ▬▬ ▬ ▬▬▬ ▬▬ ▬▬▬ ▬ ▬▬▬▬ ▬▬ ▬▬▬ ▬▬ ▬ ▬▬▬ ▬▬ ▬▬▬ ▬ ▬▬▬▬ ▬▬ ▬▬▬ ▬▬ ▬ ▬▬▬ ▬▬ ▬▬▬ ▬ ▬▬▬▬ ▬▬ ▬▬▬ ▬▬ ▬ ▬▬▬ ▬▬ ▬▬▬ ▬ ▬▬▬▬ ▬▬ ▬▬▬ ▬▬ ▬ ▬▬▬ ▬▬ ▬▬▬ ▬ ▬▬▬▬ ▬▬ ▬▬▬ ▬▬ ▬ ▬▬▬ ▬▬ ▬▬▬ ▬ ▬▬▬▬ ▬▬ ▬▬▬ ▬▬ ▬ ▬▬▬ ▬▬ ▬▬▬ ▬ ▬▬▬▬ ▬▬ ▬▬▬ ▬▬ ▬ ▬▬▬
41
تبدیل نام
اطلاع عام۔
▬▬ ▬▬▬ ▬ ▬▬▬▬ ▬▬ ▬▬▬ ▬▬ ▬ ▬▬▬ ▬▬ ▬▬▬ ▬ ▬▬▬▬ ▬▬ ▬▬▬ ▬▬ ▬ ▬▬▬ ▬▬ ▬▬▬ ▬ ▬▬▬▬ ▬▬ ▬▬▬ ▬▬ ▬ ▬▬▬ ▬▬ ▬▬▬ ▬ ▬▬▬▬ ▬▬ ▬▬▬ ▬▬ ▬ ▬▬▬ ▬▬ ▬▬▬ ▬ ▬▬▬▬ ▬▬ ▬▬▬ ▬▬ ▬ ▬▬▬ ▬▬ ▬▬▬ ▬ ▬▬▬▬ ▬▬ ▬▬▬ ▬▬ ▬ ▬▬▬ ▬▬ ▬▬▬ ▬ ▬▬▬▬ ▬▬ ▬▬▬ ▬▬ ▬ ▬▬▬ ▬▬ ▬▬▬ ▬ ▬▬▬▬ ▬▬ ▬▬▬ ▬▬ ▬ ▬▬▬ ▬▬ ▬▬▬ ▬ ▬▬▬▬ ▬▬ ▬▬▬ ▬▬ ▬ ▬▬▬
42
تبدیل نام
گمشدگی اسناد۔
▬▬ ▬▬▬ ▬ ▬▬▬▬ ▬▬ ▬▬▬ ▬▬ ▬ ▬▬▬ ▬▬ ▬▬▬ ▬ ▬▬▬▬ ▬▬ ▬▬▬ ▬▬ ▬ ▬▬▬ ▬▬ ▬▬▬ ▬ ▬▬▬▬ ▬▬ ▬▬▬ ▬▬ ▬ ▬▬▬ ▬▬ ▬▬▬ ▬ ▬▬▬▬ ▬▬ ▬▬▬ ▬▬ ▬ ▬▬▬ ▬▬ ▬▬▬ ▬ ▬▬▬▬ ▬▬ ▬▬▬ ▬▬ ▬ ▬▬▬ ▬▬ ▬▬▬ ▬ ▬▬▬▬ ▬▬ ▬▬▬ ▬▬ ▬ ▬▬▬ ▬▬ ▬▬▬ ▬ ▬▬▬▬ ▬▬ ▬▬▬ ▬▬ ▬ ▬▬▬ ▬▬ ▬▬▬ ▬ ▬▬▬▬ ▬▬ ▬▬▬ ▬▬ ▬ ▬▬▬ ▬▬ ▬▬▬ ▬ ▬▬▬▬ ▬▬ ▬▬▬ ▬▬ ▬ ▬▬▬
بعدالت جناب قمر عدلیس صاحب
ایڈیشنل ڈسٹرکٹ جج کنزیومر کورٹ رحیم یار خان
نوٹس بنام مدعا علیہ۔ مقدمہ مندرجہ عنوان میں عدالت ہذا نے آپ کو طلب کیا ہے۔
19-12-2025
مہر عدالت
دستخط حاکم
بعدالت جناب مشتاق احمد صاحب
سول جج درجہ اول مسجد بلاک ایوان عدل لاہور
آپ کو ہدایت کی جاتی ہے کہ بروز مقررہ حاضر عدالت ہوں۔
20-12-2025
809
مہر عدالت
دستخط حاکم
بعدالت جناب معظم حسین اعوان
صاحب سول جج درجہ اول فیصل آباد
نوٹس بنام مدعا علیہ۔ بصورت غیر حاضری یکطرفہ کارروائی عمل میں لائی جائے گی۔
19-12-2025
مہر عدالت
دستخط حاکم
43
تبدیل نام
اطلاع عام تبدیلی نام۔
▬▬ ▬▬▬ ▬ ▬▬▬▬ ▬▬ ▬▬▬ ▬▬ ▬ ▬▬▬ ▬▬ ▬▬▬ ▬ ▬▬▬▬ ▬▬ ▬▬▬ ▬▬ ▬ ▬▬▬ ▬▬ ▬▬▬ ▬ ▬▬▬▬ ▬▬ ▬▬▬ ▬▬ ▬ ▬▬▬ ▬▬ ▬▬▬ ▬ ▬▬▬▬ ▬▬ ▬▬▬ ▬▬ ▬ ▬▬▬ ▬▬ ▬▬▬ ▬ ▬▬▬▬ ▬▬ ▬▬▬ ▬▬ ▬ ▬▬▬ ▬▬ ▬▬▬ ▬ ▬▬▬▬ ▬▬ ▬▬▬ ▬▬ ▬ ▬▬▬ ▬▬ ▬▬▬ ▬ ▬▬▬▬ ▬▬ ▬▬▬ ▬▬ ▬ ▬▬▬
44
تبدیل نام
گمشدگی رجسٹری۔
▬▬ ▬▬▬ ▬ ▬▬▬▬ ▬▬ ▬▬▬ ▬▬ ▬ ▬▬▬ ▬▬ ▬▬▬ ▬ ▬▬▬▬ ▬▬ ▬▬▬ ▬▬ ▬ ▬▬▬ ▬▬ ▬▬▬ ▬ ▬▬▬▬ ▬▬ ▬▬▬ ▬▬ ▬ ▬▬▬ ▬▬ ▬▬▬ ▬ ▬▬▬▬ ▬▬ ▬▬▬ ▬▬ ▬ ▬▬▬ ▬▬ ▬▬▬ ▬ ▬▬▬▬ ▬▬ ▬▬▬ ▬▬ ▬ ▬▬▬ ▬▬ ▬▬▬ ▬ ▬▬▬▬ ▬▬ ▬▬▬ ▬▬ ▬ ▬▬▬ ▬▬ ▬▬▬ ▬ ▬▬▬▬ ▬▬ ▬▬▬ ▬▬ ▬ ▬▬▬
45
تبدیل نام
عاق نامہ۔
▬▬ ▬▬▬ ▬ ▬▬▬▬ ▬▬ ▬▬▬ ▬▬ ▬ ▬▬▬ ▬▬ ▬▬▬ ▬ ▬▬▬▬ ▬▬ ▬▬▬ ▬▬ ▬ ▬▬▬ ▬▬ ▬▬▬ ▬ ▬▬▬▬ ▬▬ ▬▬▬ ▬▬ ▬ ▬▬▬ ▬▬ ▬▬▬ ▬ ▬▬▬▬ ▬▬ ▬▬▬ ▬▬ ▬ ▬▬▬ ▬▬ ▬▬▬ ▬ ▬▬▬▬ ▬▬ ▬▬▬ ▬▬ ▬ ▬▬▬ ▬▬ ▬▬▬ ▬ ▬▬▬▬ ▬▬ ▬▬▬ ▬▬ ▬ ▬▬▬ ▬▬ ▬▬▬ ▬ ▬▬▬▬ ▬▬ ▬▬▬ ▬▬ ▬ ▬▬▬
46
تبدیل نام
اعلان لاتعلقی۔
▬▬ ▬▬▬ ▬ ▬▬▬▬ ▬▬ ▬▬▬ ▬▬ ▬ ▬▬▬ ▬▬ ▬▬▬ ▬ ▬▬▬▬ ▬▬ ▬▬▬ ▬▬ ▬ ▬▬▬ ▬▬ ▬▬▬ ▬ ▬▬▬▬ ▬▬ ▬▬▬ ▬▬ ▬ ▬▬▬ ▬▬ ▬▬▬ ▬ ▬▬▬▬ ▬▬ ▬▬▬ ▬▬ ▬ ▬▬▬ ▬▬ ▬▬▬ ▬ ▬▬▬▬ ▬▬ ▬▬▬ ▬▬ ▬ ▬▬▬ ▬▬ ▬▬▬ ▬ ▬▬▬▬ ▬▬ ▬▬▬ ▬▬ ▬ ▬▬▬ ▬▬ ▬▬▬ ▬ ▬▬▬▬ ▬▬ ▬▬▬ ▬▬ ▬ ▬▬▬
بعدالت جناب بشری شہزادی
صاحبہ سول کورٹ جج پھالیہ ڈسٹرکٹ منڈی بہاؤالدین
مقدمہ دعویٰ تنسیخ نکاح میں آپ کو طلب کیا جاتا ہے۔
19/12/25
مہر عدالت
دستخط حاکم
بعدالت جناب کاشف اقبال صاحب
سول جج درجہ اول ننکانہ صاحب
آپ کو ہدایت کی جاتی ہے کہ حاضر عدالت ہو کر جواب دعویٰ داخل کریں۔
20-12-2025
مہر عدالت
دستخط حاکم
بعدالت جناب محمد آصف صاحب
سول جج درجہ اول گجرات
نوٹس بنام مدعا علیہ برائے حاضری۔
18-12-2025
مہر عدالت
دستخط حاکم
47
تبدیل نام
اطلاع عام۔
▬▬ ▬▬▬ ▬ ▬▬▬▬ ▬▬ ▬▬▬ ▬▬ ▬ ▬▬▬ ▬▬ ▬▬▬ ▬ ▬▬▬▬ ▬▬ ▬▬▬ ▬▬ ▬ ▬▬▬ ▬▬ ▬▬▬ ▬ ▬▬▬▬ ▬▬ ▬▬▬ ▬▬ ▬ ▬▬▬ ▬▬ ▬▬▬ ▬ ▬▬▬▬ ▬▬ ▬▬▬ ▬▬ ▬ ▬▬▬ ▬▬ ▬▬▬ ▬ ▬▬▬▬ ▬▬ ▬▬▬ ▬▬ ▬ ▬▬▬ ▬▬ ▬▬▬ ▬ ▬▬▬▬ ▬▬ ▬▬▬ ▬▬ ▬ ▬▬▬ ▬▬ ▬▬▬ ▬ ▬▬▬▬ ▬▬ ▬▬▬ ▬▬ ▬ ▬▬▬
48
تبدیل نام
گمشدگی اسناد۔
▬▬ ▬▬▬ ▬ ▬▬▬▬ ▬▬ ▬▬▬ ▬▬ ▬ ▬▬▬ ▬▬ ▬▬▬ ▬ ▬▬▬▬ ▬▬ ▬▬▬ ▬▬ ▬ ▬▬▬ ▬▬ ▬▬▬ ▬ ▬▬▬▬ ▬▬ ▬▬▬ ▬▬ ▬ ▬▬▬ ▬▬ ▬▬▬ ▬ ▬▬▬▬ ▬▬ ▬▬▬ ▬▬ ▬ ▬▬▬ ▬▬ ▬▬▬ ▬ ▬▬▬▬ ▬▬ ▬▬▬ ▬▬ ▬ ▬▬▬ ▬▬ ▬▬▬ ▬ ▬▬▬▬ ▬▬ ▬▬▬ ▬▬ ▬ ▬▬▬ ▬▬ ▬▬▬ ▬ ▬▬▬▬ ▬▬ ▬▬▬ ▬▬ ▬ ▬▬▬
49
تبدیل نام
عاق نامہ۔
▬▬ ▬▬▬ ▬ ▬▬▬▬ ▬▬ ▬▬▬ ▬▬ ▬ ▬▬▬ ▬▬ ▬▬▬ ▬ ▬▬▬▬ ▬▬ ▬▬▬ ▬▬ ▬ ▬▬▬ ▬▬ ▬▬▬ ▬ ▬▬▬▬ ▬▬ ▬▬▬ ▬▬ ▬ ▬▬▬ ▬▬ ▬▬▬ ▬ ▬▬▬▬ ▬▬ ▬▬▬ ▬▬ ▬ ▬▬▬ ▬▬ ▬▬▬ ▬ ▬▬▬▬ ▬▬ ▬▬▬ ▬▬ ▬ ▬▬▬ ▬▬ ▬▬▬ ▬ ▬▬▬▬ ▬▬ ▬▬▬ ▬▬ ▬ ▬▬▬ ▬▬ ▬▬▬ ▬ ▬▬▬▬ ▬▬ ▬▬▬ ▬▬ ▬ ▬▬▬
50
تبدیل نام
تصحیح نام۔
▬▬ ▬▬▬ ▬ ▬▬▬▬ ▬▬ ▬▬▬ ▬▬ ▬ ▬▬▬ ▬▬ ▬▬▬ ▬ ▬▬▬▬ ▬▬ ▬▬▬ ▬▬ ▬ ▬▬▬ ▬▬ ▬▬▬ ▬ ▬▬▬▬ ▬▬ ▬▬▬ ▬▬ ▬ ▬▬▬ ▬▬ ▬▬▬ ▬ ▬▬▬▬ ▬▬ ▬▬▬ ▬▬ ▬ ▬▬▬ ▬▬ ▬▬▬ ▬ ▬▬▬▬ ▬▬ ▬▬▬ ▬▬ ▬ ▬▬▬ ▬▬ ▬▬▬ ▬ ▬▬▬▬ ▬▬ ▬▬▬ ▬▬ ▬ ▬▬▬ ▬▬ ▬▬▬ ▬ ▬▬▬▬ ▬▬ ▬▬▬ ▬▬ ▬ ▬▬▬
بعدالت جناب سام اللہ صاحب
فیملی جج کوٹ مومن ضلع سرگودھا
دعویٰ تنسیخ نکاح بوجہ خلع۔ آپ کو ہدایت کی جاتی ہے کہ حاضر عدالت ہوں۔
19-12-2025
مہر عدالت
دستخط حاکم
بعدالت جناب سام اللہ صاحب
فیملی جج کوٹ مومن ضلع سرگودھا
دعویٰ نان و نفقہ۔ بصورت عدم حاضری یکطرفہ کارروائی ہوگی۔
20-12-2025
مہر عدالت
دستخط حاکم
بعدالت جناب ساجد محمود ساجد
صاحب سینئر سول جج/گارڈین جج ساہیوال
درخواست برائے حصول تحویل نابالغان۔
22-12-2025
مہر عدالت
دستخط حاکم
بعدالت جناب مسعود احمد صاحب
سینئر سول جج (فیملی ڈویژن) پاکپتن شریف
نوٹس بنام مدعا علیہ برائے جواب دعویٰ۔
22-12-2025
مہر عدالت
دستخط حاکم
51
تبدیل نام
اطلاع عام تبدیلی نام۔
▬▬ ▬▬▬ ▬ ▬▬▬▬ ▬▬ ▬▬▬ ▬▬ ▬ ▬▬▬ ▬▬ ▬▬▬ ▬ ▬▬▬▬ ▬▬ ▬▬▬ ▬▬ ▬ ▬▬▬ ▬▬ ▬▬▬ ▬ ▬▬▬▬ ▬▬ ▬▬▬ ▬▬ ▬ ▬▬▬ ▬▬ ▬▬▬ ▬ ▬▬▬▬ ▬▬ ▬▬▬ ▬▬ ▬ ▬▬▬ ▬▬ ▬▬▬ ▬ ▬▬▬▬ ▬▬ ▬▬▬ ▬▬ ▬ ▬▬▬ ▬▬ ▬▬▬ ▬ ▬▬▬▬ ▬▬ ▬▬▬ ▬▬ ▬ ▬▬▬ ▬▬ ▬▬▬ ▬ ▬▬▬▬ ▬▬ ▬▬▬ ▬▬ ▬ ▬▬▬
52
تبدیل نام
گمشدگی۔
▬▬ ▬▬▬ ▬ ▬▬▬▬ ▬▬ ▬▬▬ ▬▬ ▬ ▬▬▬ ▬▬ ▬▬▬ ▬ ▬▬▬▬ ▬▬ ▬▬▬ ▬▬ ▬ ▬▬▬ ▬▬ ▬▬▬ ▬ ▬▬▬▬ ▬▬ ▬▬▬ ▬▬ ▬ ▬▬▬ ▬▬ ▬▬▬ ▬ ▬▬▬▬ ▬▬ ▬▬▬ ▬▬ ▬ ▬▬▬ ▬▬ ▬▬▬ ▬ ▬▬▬▬ ▬▬ ▬▬▬ ▬▬ ▬ ▬▬▬ ▬▬ ▬▬▬ ▬ ▬▬▬▬ ▬▬ ▬▬▬ ▬▬ ▬ ▬▬▬ ▬▬ ▬▬▬ ▬ ▬▬▬▬ ▬▬ ▬▬▬ ▬▬ ▬ ▬▬▬
53
تبدیل نام
عاق نامہ۔
▬▬ ▬▬▬ ▬ ▬▬▬▬ ▬▬ ▬▬▬ ▬▬ ▬ ▬▬▬ ▬▬ ▬▬▬ ▬ ▬▬▬▬ ▬▬ ▬▬▬ ▬▬ ▬ ▬▬▬ ▬▬ ▬▬▬ ▬ ▬▬▬▬ ▬▬ ▬▬▬ ▬▬ ▬ ▬▬▬ ▬▬ ▬▬▬ ▬ ▬▬▬▬ ▬▬ ▬▬▬ ▬▬ ▬ ▬▬▬ ▬▬ ▬▬▬ ▬ ▬▬▬▬ ▬▬ ▬▬▬ ▬▬ ▬ ▬▬▬ ▬▬ ▬▬▬ ▬ ▬▬▬▬ ▬▬ ▬▬▬ ▬▬ ▬ ▬▬▬ ▬▬ ▬▬▬ ▬ ▬▬▬▬ ▬▬ ▬▬▬ ▬▬ ▬ ▬▬▬
54
تبدیل نام
اعلان لاتعلقی۔
▬▬ ▬▬▬ ▬ ▬▬▬▬ ▬▬ ▬▬▬ ▬▬ ▬ ▬▬▬ ▬▬ ▬▬▬ ▬ ▬▬▬▬ ▬▬ ▬▬▬ ▬▬ ▬ ▬▬▬ ▬▬ ▬▬▬ ▬ ▬▬▬▬ ▬▬ ▬▬▬ ▬▬ ▬ ▬▬▬ ▬▬ ▬▬▬ ▬ ▬▬▬▬ ▬▬ ▬▬▬ ▬▬ ▬ ▬▬▬ ▬▬ ▬▬▬ ▬ ▬▬▬▬ ▬▬ ▬▬▬ ▬▬ ▬ ▬▬▬ ▬▬ ▬▬▬ ▬ ▬▬▬▬ ▬▬ ▬▬▬ ▬▬ ▬ ▬▬▬ ▬▬ ▬▬▬ ▬ ▬▬▬▬ ▬▬ ▬▬▬ ▬▬ ▬ ▬▬▬
55
تبدیل نام
تصحیح ریکارڈ۔
▬▬ ▬▬▬ ▬ ▬▬▬▬ ▬▬ ▬▬▬ ▬▬ ▬ ▬▬▬ ▬▬ ▬▬▬ ▬ ▬▬▬▬ ▬▬ ▬▬▬ ▬▬ ▬ ▬▬▬ ▬▬ ▬▬▬ ▬ ▬▬▬▬ ▬▬ ▬▬▬ ▬▬ ▬ ▬▬▬ ▬▬ ▬▬▬ ▬ ▬▬▬▬ ▬▬ ▬▬▬ ▬▬ ▬ ▬▬▬ ▬▬ ▬▬▬ ▬ ▬▬▬▬ ▬▬ ▬▬▬ ▬▬ ▬ ▬▬▬ ▬▬ ▬▬▬ ▬ ▬▬▬▬ ▬▬ ▬▬▬ ▬▬ ▬ ▬▬▬ ▬▬ ▬▬▬ ▬ ▬▬▬▬ ▬▬ ▬▬▬ ▬▬ ▬ ▬▬▬
